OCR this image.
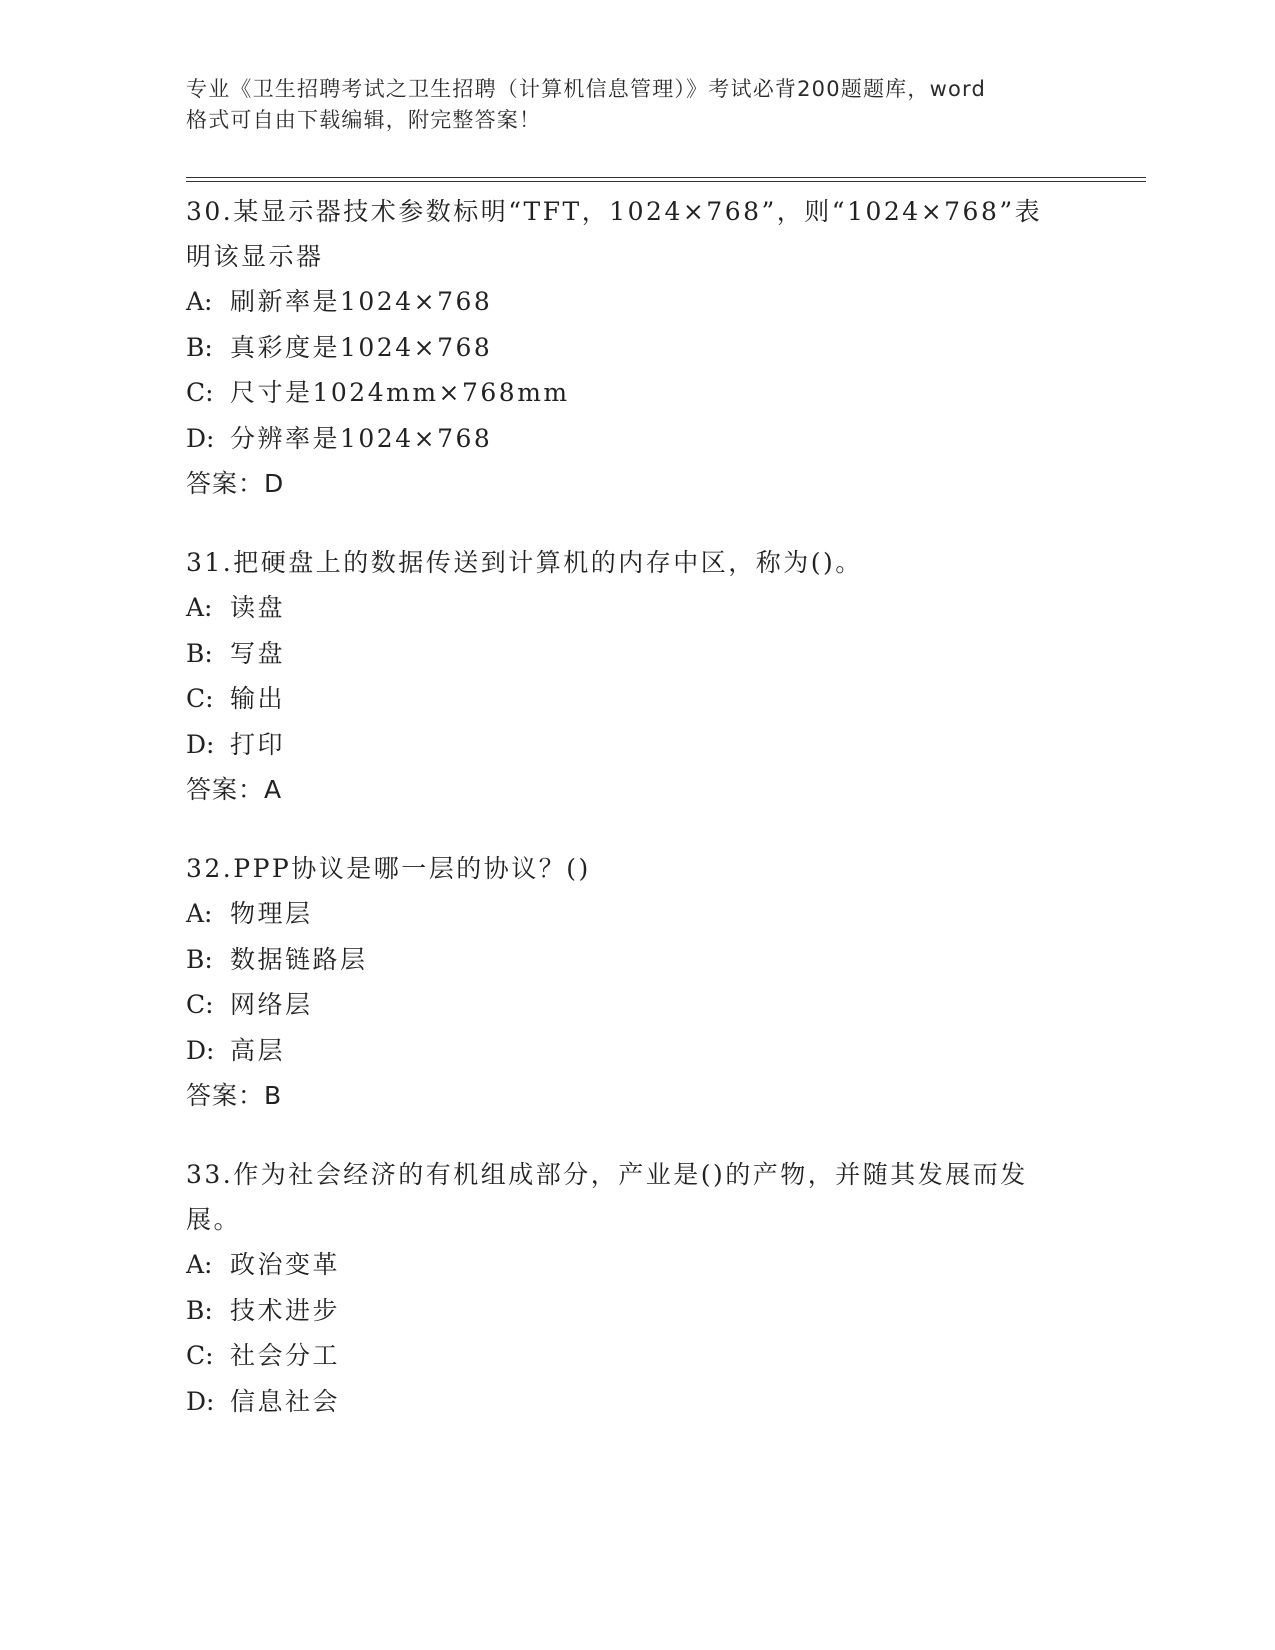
专业《卫生招聘考试之卫生招聘（计算机信息管理）》考试必背200题题库，word
格式可自由下载编辑，附完整答案！
30.某显示器技术参数标明“TFT，1024×768”，则“1024×768”表
明该显示器
A: 刷新率是1024×768
B: 真彩度是1024×768
C: 尺寸是1024mm×768mm
D: 分辨率是1024×768
答案：D
31.把硬盘上的数据传送到计算机的内存中区，称为()。
A: 读盘
B: 写盘
C: 输出
D: 打印
答案：A
32.PPP协议是哪一层的协议？()
A: 物理层
B: 数据链路层
C: 网络层
D: 高层
答案：B
33.作为社会经济的有机组成部分，产业是()的产物，并随其发展而发
展。
A: 政治变革
B: 技术进步
C: 社会分工
D: 信息社会
